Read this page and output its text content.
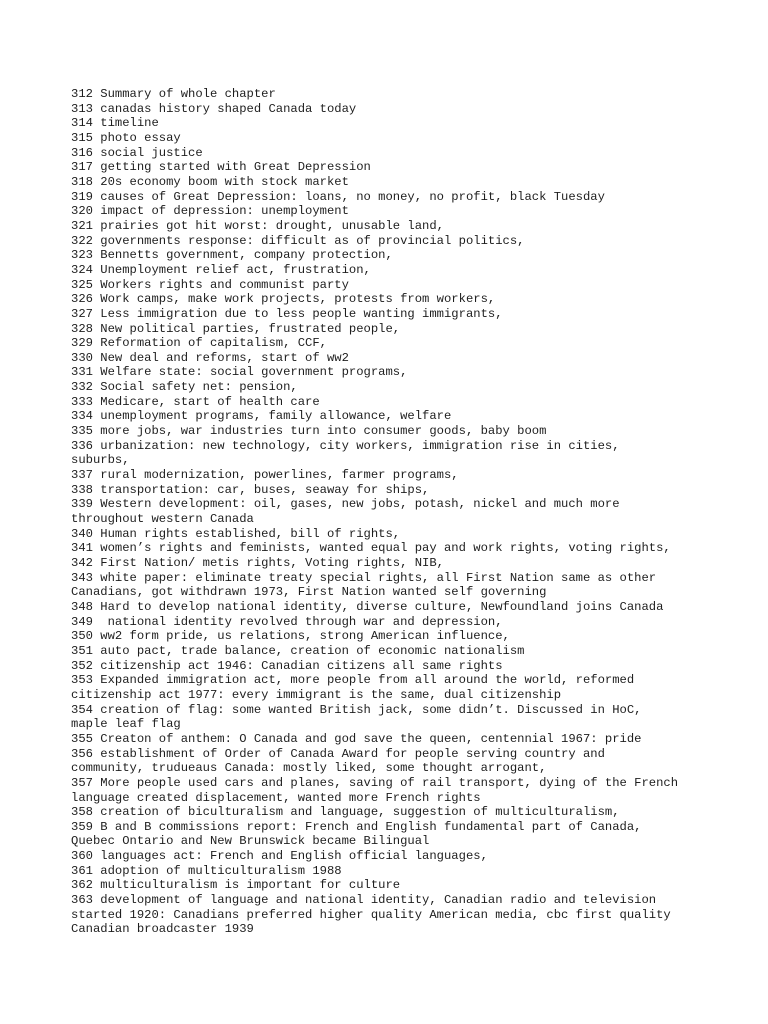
312 Summary of whole chapter
313 canadas history shaped Canada today
314 timeline
315 photo essay
316 social justice
317 getting started with Great Depression
318 20s economy boom with stock market
319 causes of Great Depression: loans, no money, no profit, black Tuesday
320 impact of depression: unemployment
321 prairies got hit worst: drought, unusable land,
322 governments response: difficult as of provincial politics,
323 Bennetts government, company protection,
324 Unemployment relief act, frustration,
325 Workers rights and communist party
326 Work camps, make work projects, protests from workers,
327 Less immigration due to less people wanting immigrants,
328 New political parties, frustrated people,
329 Reformation of capitalism, CCF,
330 New deal and reforms, start of ww2
331 Welfare state: social government programs,
332 Social safety net: pension,
333 Medicare, start of health care
334 unemployment programs, family allowance, welfare
335 more jobs, war industries turn into consumer goods, baby boom
336 urbanization: new technology, city workers, immigration rise in cities,
suburbs,
337 rural modernization, powerlines, farmer programs,
338 transportation: car, buses, seaway for ships,
339 Western development: oil, gases, new jobs, potash, nickel and much more
throughout western Canada
340 Human rights established, bill of rights,
341 women’s rights and feminists, wanted equal pay and work rights, voting rights,
342 First Nation/ metis rights, Voting rights, NIB,
343 white paper: eliminate treaty special rights, all First Nation same as other
Canadians, got withdrawn 1973, First Nation wanted self governing
348 Hard to develop national identity, diverse culture, Newfoundland joins Canada
349  national identity revolved through war and depression,
350 ww2 form pride, us relations, strong American influence,
351 auto pact, trade balance, creation of economic nationalism
352 citizenship act 1946: Canadian citizens all same rights
353 Expanded immigration act, more people from all around the world, reformed
citizenship act 1977: every immigrant is the same, dual citizenship
354 creation of flag: some wanted British jack, some didn’t. Discussed in HoC,
maple leaf flag
355 Creaton of anthem: O Canada and god save the queen, centennial 1967: pride
356 establishment of Order of Canada Award for people serving country and
community, trudueaus Canada: mostly liked, some thought arrogant,
357 More people used cars and planes, saving of rail transport, dying of the French
language created displacement, wanted more French rights
358 creation of biculturalism and language, suggestion of multiculturalism,
359 B and B commissions report: French and English fundamental part of Canada,
Quebec Ontario and New Brunswick became Bilingual
360 languages act: French and English official languages,
361 adoption of multiculturalism 1988
362 multiculturalism is important for culture
363 development of language and national identity, Canadian radio and television
started 1920: Canadians preferred higher quality American media, cbc first quality
Canadian broadcaster 1939
